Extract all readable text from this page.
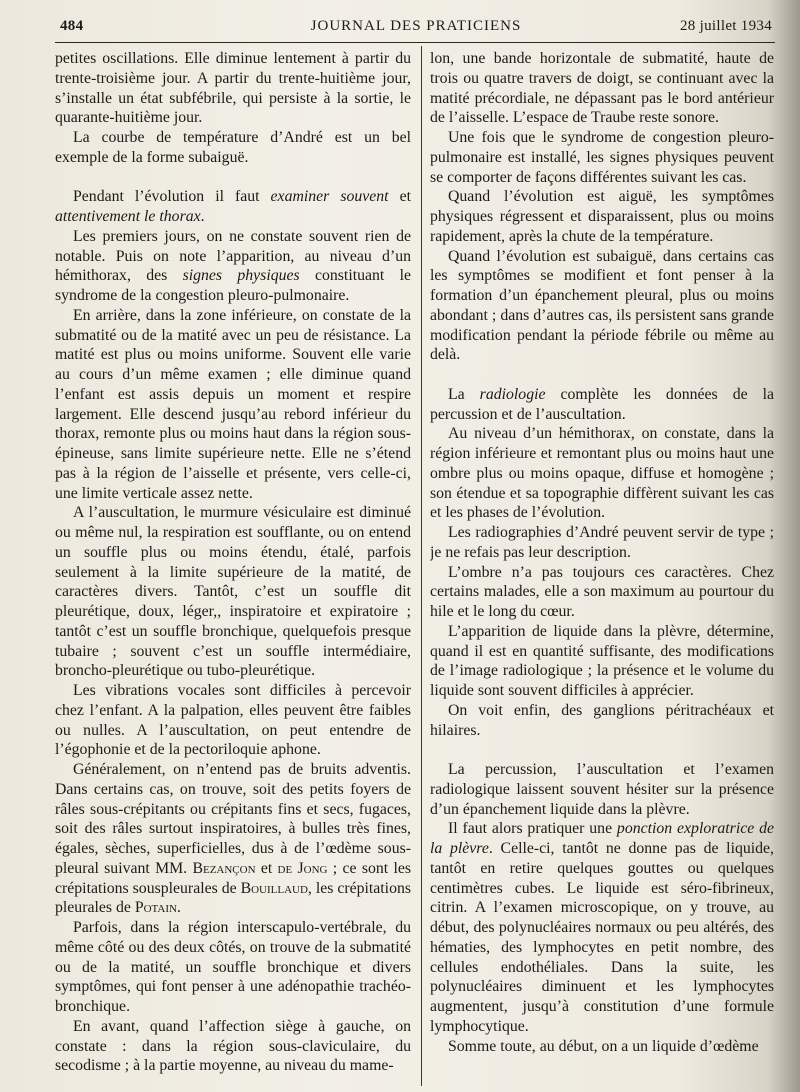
484	JOURNAL DES PRATICIENS	28 juillet 1934

petites oscillations. Elle diminue lentement à partir du trente-troisième jour. A partir du trente-huitième jour, s’installe un état subfébrile, qui persiste à la sortie, le quarante-huitième jour.

La courbe de température d’André est un bel exemple de la forme subaiguë.

Pendant l’évolution il faut examiner souvent et attentivement le thorax.

Les premiers jours, on ne constate souvent rien de notable. Puis on note l’apparition, au niveau d’un hémithorax, des signes physiques constituant le syndrome de la congestion pleuro-pulmonaire.

En arrière, dans la zone inférieure, on constate de la submatité ou de la matité avec un peu de résistance. La matité est plus ou moins uniforme. Souvent elle varie au cours d’un même examen ; elle diminue quand l’enfant est assis depuis un moment et respire largement. Elle descend jusqu’au rebord inférieur du thorax, remonte plus ou moins haut dans la région sous-épineuse, sans limite supérieure nette. Elle ne s’étend pas à la région de l’aisselle et présente, vers celle-ci, une limite verticale assez nette.

A l’auscultation, le murmure vésiculaire est diminué ou même nul, la respiration est soufflante, ou on entend un souffle plus ou moins étendu, étalé, parfois seulement à la limite supérieure de la matité, de caractères divers. Tantôt, c’est un souffle dit pleurétique, doux, léger,, inspiratoire et expiratoire ; tantôt c’est un souffle bronchique, quelquefois presque tubaire ; souvent c’est un souffle intermédiaire, broncho-pleurétique ou tubo-pleurétique.

Les vibrations vocales sont difficiles à percevoir chez l’enfant. A la palpation, elles peuvent être faibles ou nulles. A l’auscultation, on peut entendre de l’égophonie et de la pectoriloquie aphone.

Généralement, on n’entend pas de bruits adventis. Dans certains cas, on trouve, soit des petits foyers de râles sous-crépitants ou crépitants fins et secs, fugaces, soit des râles surtout inspiratoires, à bulles très fines, égales, sèches, superficielles, dus à de l’œdème sous-pleural suivant MM. Bezançon et de Jong ; ce sont les crépitations souspleurales de Bouillaud, les crépitations pleurales de Potain.

Parfois, dans la région interscapulo-vertébrale, du même côté ou des deux côtés, on trouve de la submatité ou de la matité, un souffle bronchique et divers symptômes, qui font penser à une adénopathie trachéo-bronchique.

En avant, quand l’affection siège à gauche, on constate : dans la région sous-claviculaire, du secodisme ; à la partie moyenne, au niveau du mame-

lon, une bande horizontale de submatité, haute de trois ou quatre travers de doigt, se continuant avec la matité précordiale, ne dépassant pas le bord antérieur de l’aisselle. L’espace de Traube reste sonore.

Une fois que le syndrome de congestion pleuro-pulmonaire est installé, les signes physiques peuvent se comporter de façons différentes suivant les cas.

Quand l’évolution est aiguë, les symptômes physiques régressent et disparaissent, plus ou moins rapidement, après la chute de la température.

Quand l’évolution est subaiguë, dans certains cas les symptômes se modifient et font penser à la formation d’un épanchement pleural, plus ou moins abondant ; dans d’autres cas, ils persistent sans grande modification pendant la période fébrile ou même au delà.

La radiologie complète les données de la percussion et de l’auscultation.

Au niveau d’un hémithorax, on constate, dans la région inférieure et remontant plus ou moins haut une ombre plus ou moins opaque, diffuse et homogène ; son étendue et sa topographie diffèrent suivant les cas et les phases de l’évolution.

Les radiographies d’André peuvent servir de type ; je ne refais pas leur description.

L’ombre n’a pas toujours ces caractères. Chez certains malades, elle a son maximum au pourtour du hile et le long du cœur.

L’apparition de liquide dans la plèvre, détermine, quand il est en quantité suffisante, des modifications de l’image radiologique ; la présence et le volume du liquide sont souvent difficiles à apprécier.

On voit enfin, des ganglions péritrachéaux et hilaires.

La percussion, l’auscultation et l’examen radiologique laissent souvent hésiter sur la présence d’un épanchement liquide dans la plèvre.

Il faut alors pratiquer une ponction exploratrice de la plèvre. Celle-ci, tantôt ne donne pas de liquide, tantôt en retire quelques gouttes ou quelques centimètres cubes. Le liquide est séro-fibrineux, citrin. A l’examen microscopique, on y trouve, au début, des polynucléaires normaux ou peu altérés, des hématies, des lymphocytes en petit nombre, des cellules endothéliales. Dans la suite, les polynucléaires diminuent et les lymphocytes augmentent, jusqu’à constitution d’une formule lymphocytique.

Somme toute, au début, on a un liquide d’œdème
